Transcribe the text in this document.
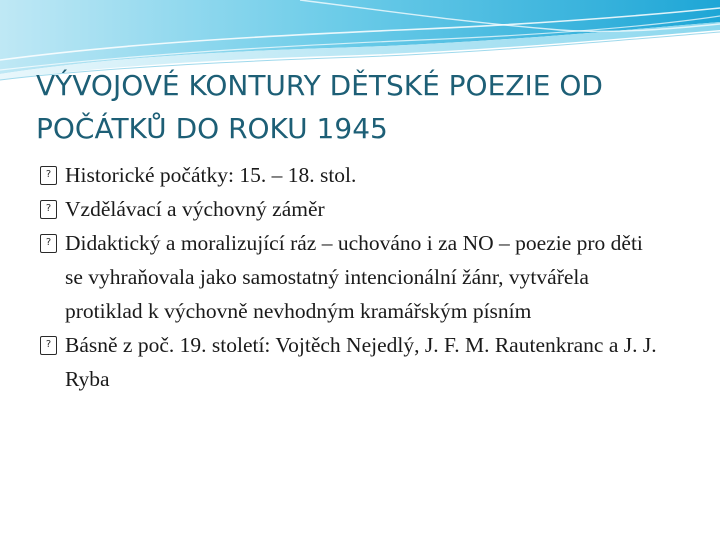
VÝVOJOVÉ KONTURY DĚTSKÉ POEZIE OD
POČÁTKŮ DO ROKU 1945
? Historické počátky: 15. – 18. stol.
? Vzdělávací a výchovný záměr
? Didaktický a moralizující ráz – uchováno i za NO – poezie pro děti se vyhraňovala jako samostatný intencionální žánr, vytvářela protiklad k výchovně nevhodným kramářským písním
? Básně z poč. 19. století: Vojtěch Nejedlý, J. F. M. Rautenkranc a J. J. Ryba
